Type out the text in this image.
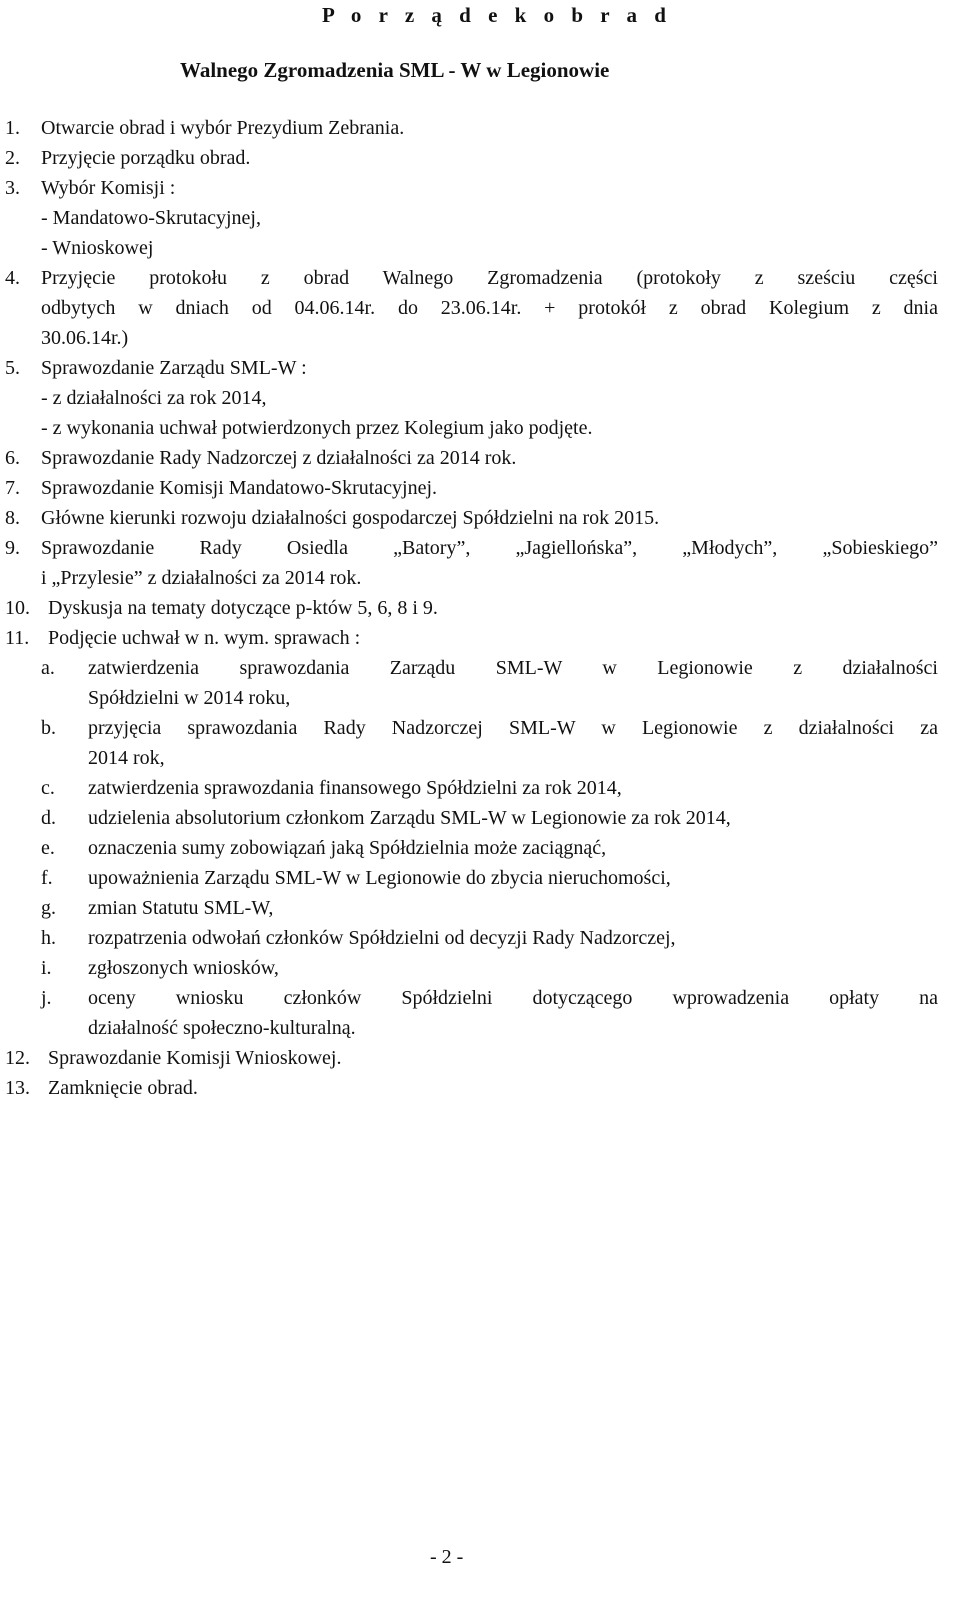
P o r z ą d e k o b r a d
Walnego Zgromadzenia SML - W w Legionowie
1. Otwarcie obrad i wybór Prezydium Zebrania.
2. Przyjęcie porządku obrad.
3. Wybór Komisji :
- Mandatowo-Skrutacyjnej,
- Wnioskowej
4. Przyjęcie protokołu z obrad Walnego Zgromadzenia (protokoły z sześciu części
odbytych w dniach od 04.06.14r. do 23.06.14r. + protokół z obrad Kolegium z dnia
30.06.14r.)
5. Sprawozdanie Zarządu SML-W :
- z działalności za rok 2014,
- z wykonania uchwał potwierdzonych przez Kolegium jako podjęte.
6. Sprawozdanie Rady Nadzorczej z działalności za 2014 rok.
7. Sprawozdanie Komisji Mandatowo-Skrutacyjnej.
8. Główne kierunki rozwoju działalności gospodarczej Spółdzielni na rok 2015.
9. Sprawozdanie Rady Osiedla „Batory”, „Jagiellońska”, „Młodych”, „Sobieskiego”
i „Przylesie” z działalności za 2014 rok.
10. Dyskusja na tematy dotyczące p-któw 5, 6, 8 i 9.
11. Podjęcie uchwał w n. wym. sprawach :
a. zatwierdzenia sprawozdania Zarządu SML-W w Legionowie z działalności
Spółdzielni w 2014 roku,
b. przyjęcia sprawozdania Rady Nadzorczej SML-W w Legionowie z działalności za
2014 rok,
c. zatwierdzenia sprawozdania finansowego Spółdzielni za rok 2014,
d. udzielenia absolutorium członkom Zarządu SML-W w Legionowie za rok 2014,
e. oznaczenia sumy zobowiązań jaką Spółdzielnia może zaciągnąć,
f. upoważnienia Zarządu SML-W w Legionowie do zbycia nieruchomości,
g. zmian Statutu SML-W,
h. rozpatrzenia odwołań członków Spółdzielni od decyzji Rady Nadzorczej,
i. zgłoszonych wniosków,
j. oceny wniosku członków Spółdzielni dotyczącego wprowadzenia opłaty na
działalność społeczno-kulturalną.
12. Sprawozdanie Komisji Wnioskowej.
13. Zamknięcie obrad.
- 2 -
